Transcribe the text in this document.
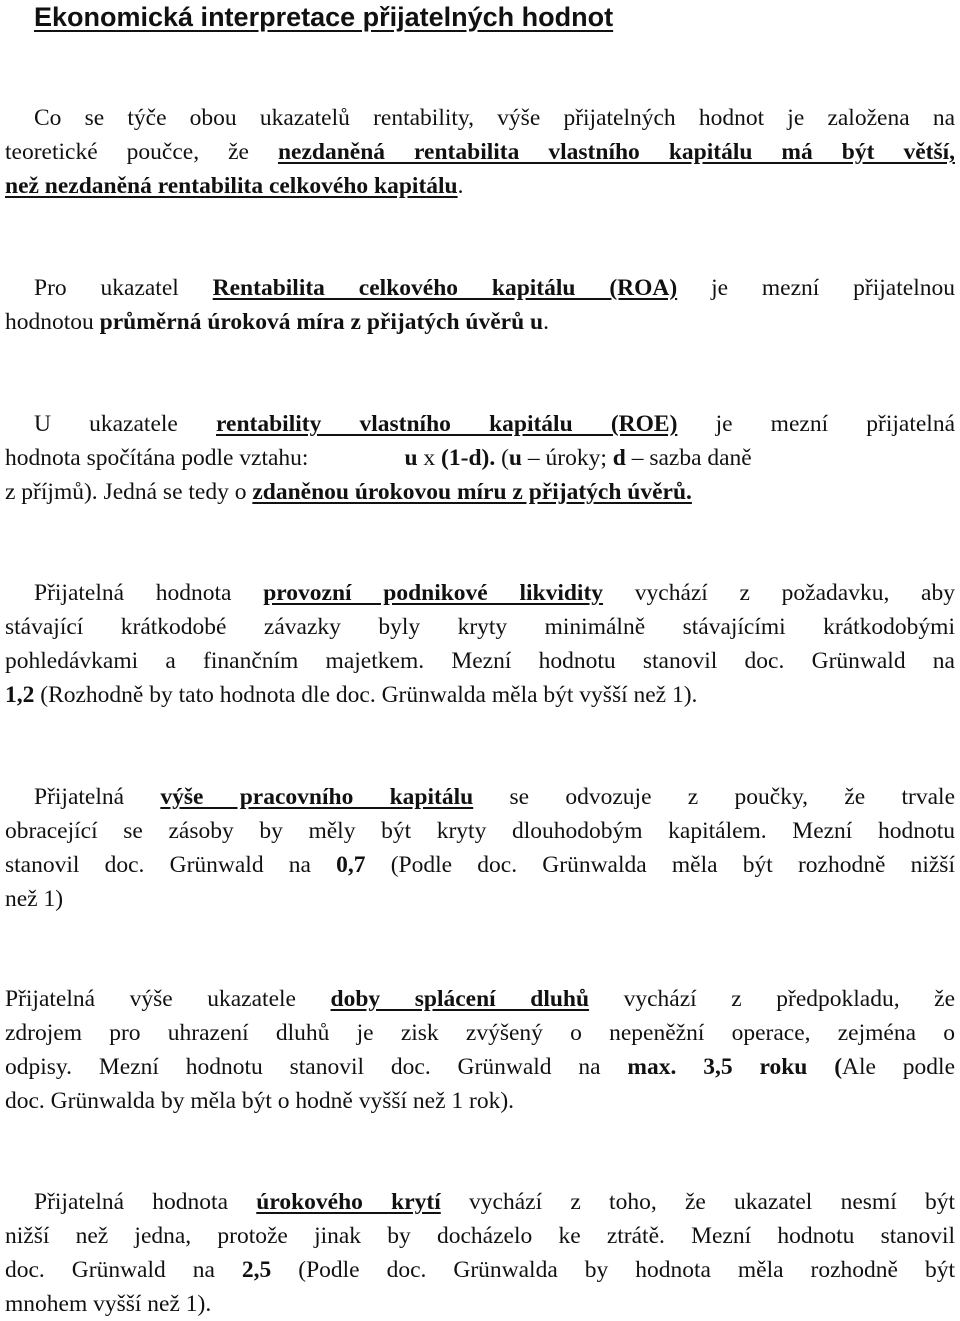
Ekonomická interpretace přijatelných hodnot
Co se týče obou ukazatelů rentability, výše přijatelných hodnot je založena na
teoretické poučce, že nezdaněná rentabilita vlastního kapitálu má být větší,
než nezdaněná rentabilita celkového kapitálu.
Pro ukazatel Rentabilita celkového kapitálu (ROA) je mezní přijatelnou
hodnotou průměrná úroková míra z přijatých úvěrů u.
U ukazatele rentability vlastního kapitálu (ROE) je mezní přijatelná
hodnota spočítána podle vztahu:	u x (1-d). (u – úroky; d – sazba daně
z příjmů). Jedná se tedy o zdaněnou úrokovou míru z přijatých úvěrů.
Přijatelná hodnota provozní podnikové likvidity vychází z požadavku, aby
stávající krátkodobé závazky byly kryty minimálně stávajícími krátkodobými
pohledávkami a finančním majetkem. Mezní hodnotu stanovil doc. Grünwald na
1,2 (Rozhodně by tato hodnota dle doc. Grünwalda měla být vyšší než 1).
Přijatelná výše pracovního kapitálu se odvozuje z poučky, že trvale
obracející se zásoby by měly být kryty dlouhodobým kapitálem. Mezní hodnotu
stanovil doc. Grünwald na 0,7 (Podle doc. Grünwalda měla být rozhodně nižší
než 1)
Přijatelná výše ukazatele doby splácení dluhů vychází z předpokladu, že
zdrojem pro uhrazení dluhů je zisk zvýšený o nepeněžní operace, zejména o
odpisy. Mezní hodnotu stanovil doc. Grünwald na max. 3,5 roku (Ale podle
doc. Grünwalda by měla být o hodně vyšší než 1 rok).
Přijatelná hodnota úrokového krytí vychází z toho, že ukazatel nesmí být
nižší než jedna, protože jinak by docházelo ke ztrátě. Mezní hodnotu stanovil
doc. Grünwald na 2,5 (Podle doc. Grünwalda by hodnota měla rozhodně být
mnohem vyšší než 1).
